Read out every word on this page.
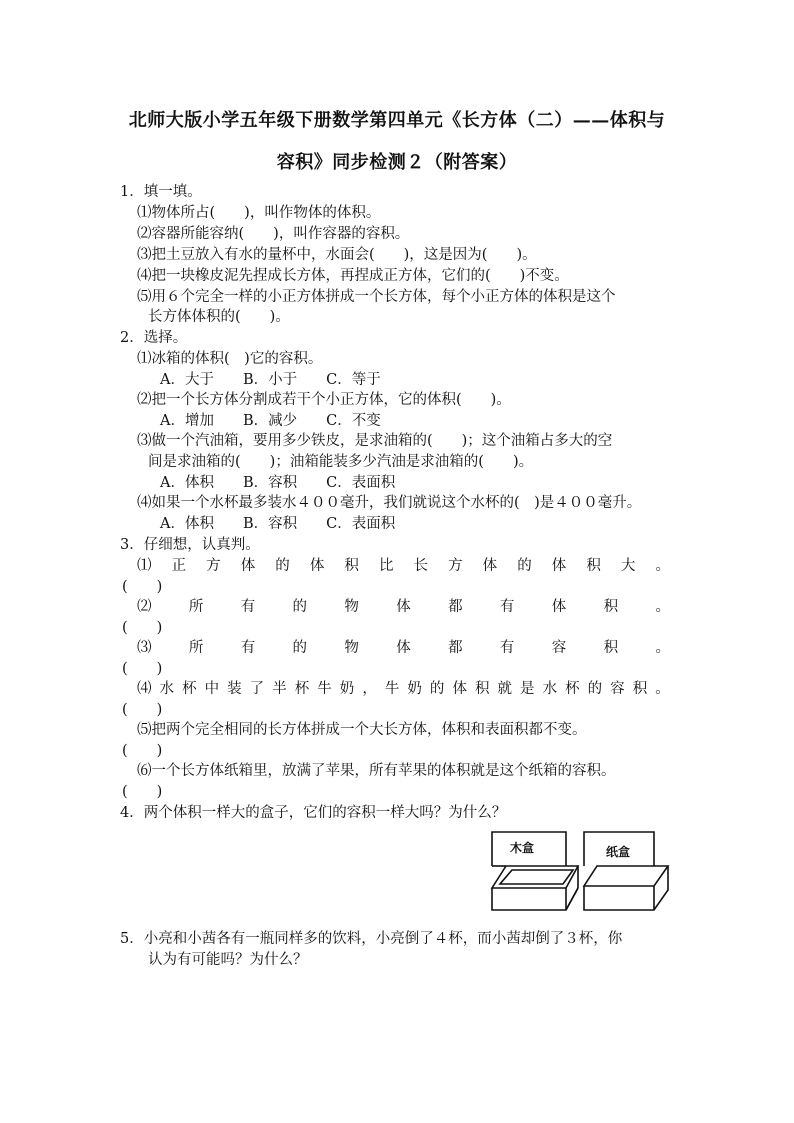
北师大版小学五年级下册数学第四单元《长方体（二）——体积与
容积》同步检测２（附答案）
1．填一填。
⑴物体所占(　　)，叫作物体的体积。
⑵容器所能容纳(　　)，叫作容器的容积。
⑶把土豆放入有水的量杯中，水面会(　　)，这是因为(　　)。
⑷把一块橡皮泥先捏成长方体，再捏成正方体，它们的(　　)不变。
⑸用６个完全一样的小正方体拼成一个长方体，每个小正方体的体积是这个
长方体体积的(　　)。
2．选择。
⑴冰箱的体积(　)它的容积。
A．大于　　B．小于　　C．等于
⑵把一个长方体分割成若干个小正方体，它的体积(　　)。
A．增加　　B．减少　　C．不变
⑶做一个汽油箱，要用多少铁皮，是求油箱的(　　)；这个油箱占多大的空
间是求油箱的(　　)；油箱能装多少汽油是求油箱的(　　)。
A．体积　　B．容积　　C．表面积
⑷如果一个水杯最多装水４００毫升，我们就说这个水杯的(　)是４００毫升。
A．体积　　B．容积　　C．表面积
3．仔细想，认真判。
⑴ 正 方 体 的 体 积 比 长 方 体 的 体 积 大 。
(　　)
⑵	所	有	的	物	体	都	有	体	积	。
(　　)
⑶	所	有	的	物	体	都	有	容	积	。
(　　)
⑷ 水 杯 中 装 了 半 杯 牛 奶 ， 牛 奶 的 体 积 就 是 水 杯 的 容 积 。
(　　)
⑸把两个完全相同的长方体拼成一个大长方体，体积和表面积都不变。
(　　)
⑹一个长方体纸箱里，放满了苹果，所有苹果的体积就是这个纸箱的容积。
(　　)
4．两个体积一样大的盒子，它们的容积一样大吗？为什么？
木盒	纸盒
5．小亮和小茜各有一瓶同样多的饮料，小亮倒了４杯，而小茜却倒了３杯，你
认为有可能吗？为什么？
